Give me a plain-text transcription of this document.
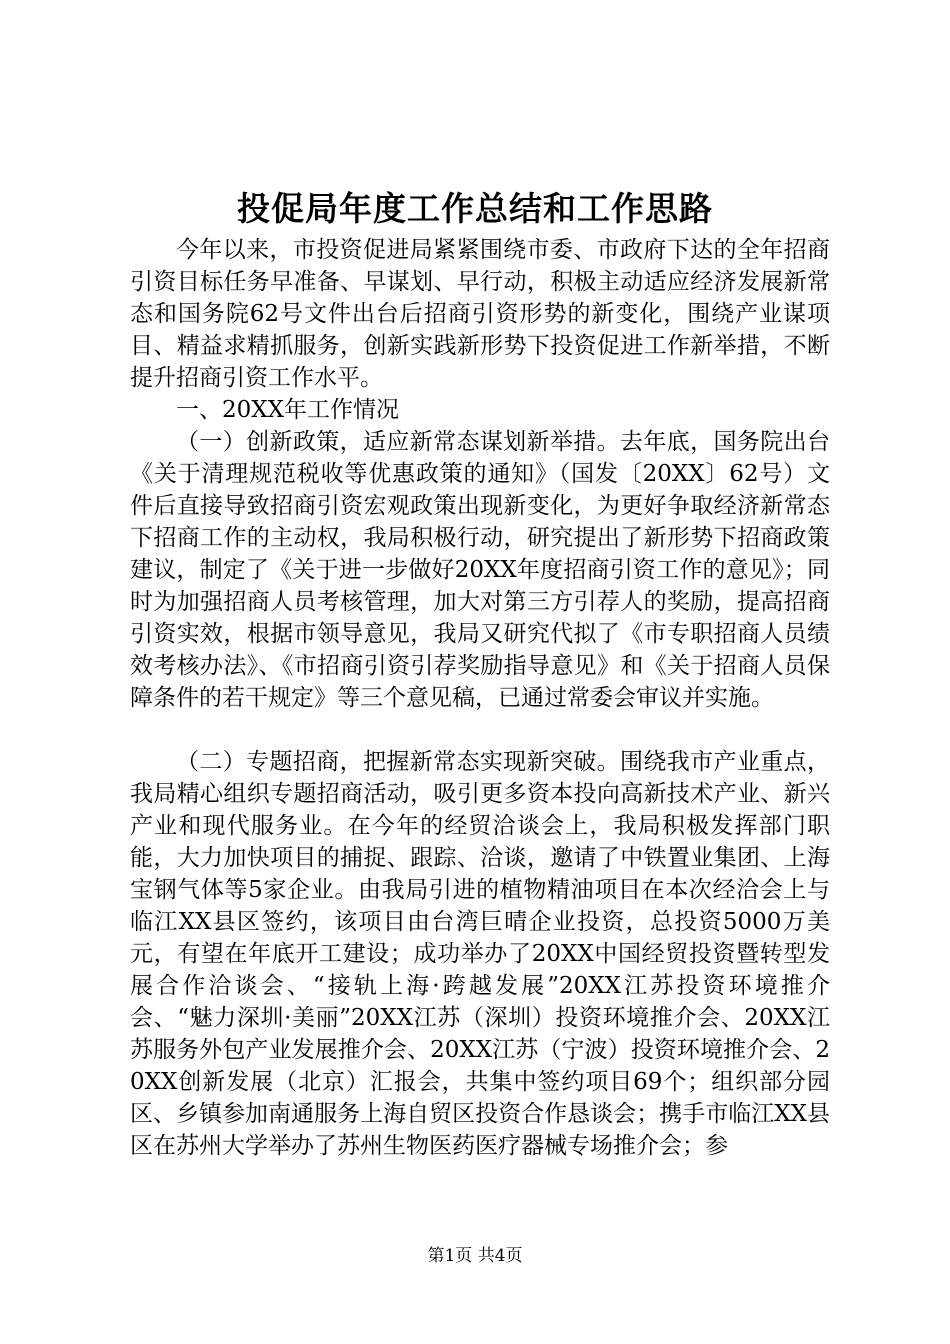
投促局年度工作总结和工作思路

今年以来，市投资促进局紧紧围绕市委、市政府下达的全年招商引资目标任务早准备、早谋划、早行动，积极主动适应经济发展新常态和国务院62号文件出台后招商引资形势的新变化，围绕产业谋项目、精益求精抓服务，创新实践新形势下投资促进工作新举措，不断提升招商引资工作水平。

一、20XX年工作情况

（一）创新政策，适应新常态谋划新举措。去年底，国务院出台《关于清理规范税收等优惠政策的通知》（国发〔20XX〕62号）文件后直接导致招商引资宏观政策出现新变化，为更好争取经济新常态下招商工作的主动权，我局积极行动，研究提出了新形势下招商政策建议，制定了《关于进一步做好20XX年度招商引资工作的意见》；同时为加强招商人员考核管理，加大对第三方引荐人的奖励，提高招商引资实效，根据市领导意见，我局又研究代拟了《市专职招商人员绩效考核办法》、《市招商引资引荐奖励指导意见》和《关于招商人员保障条件的若干规定》等三个意见稿，已通过常委会审议并实施。

（二）专题招商，把握新常态实现新突破。围绕我市产业重点，我局精心组织专题招商活动，吸引更多资本投向高新技术产业、新兴产业和现代服务业。在今年的经贸洽谈会上，我局积极发挥部门职能，大力加快项目的捕捉、跟踪、洽谈，邀请了中铁置业集团、上海宝钢气体等5家企业。由我局引进的植物精油项目在本次经洽会上与临江XX县区签约，该项目由台湾巨晴企业投资，总投资5000万美元，有望在年底开工建设；成功举办了20XX中国经贸投资暨转型发展合作洽谈会、“接轨上海·跨越发展”20XX江苏投资环境推介会、“魅力深圳·美丽”20XX江苏（深圳）投资环境推介会、20XX江苏服务外包产业发展推介会、20XX江苏（宁波）投资环境推介会、20XX创新发展（北京）汇报会，共集中签约项目69个；组织部分园区、乡镇参加南通服务上海自贸区投资合作恳谈会；携手市临江XX县区在苏州大学举办了苏州生物医药医疗器械专场推介会；参

第1页 共4页
